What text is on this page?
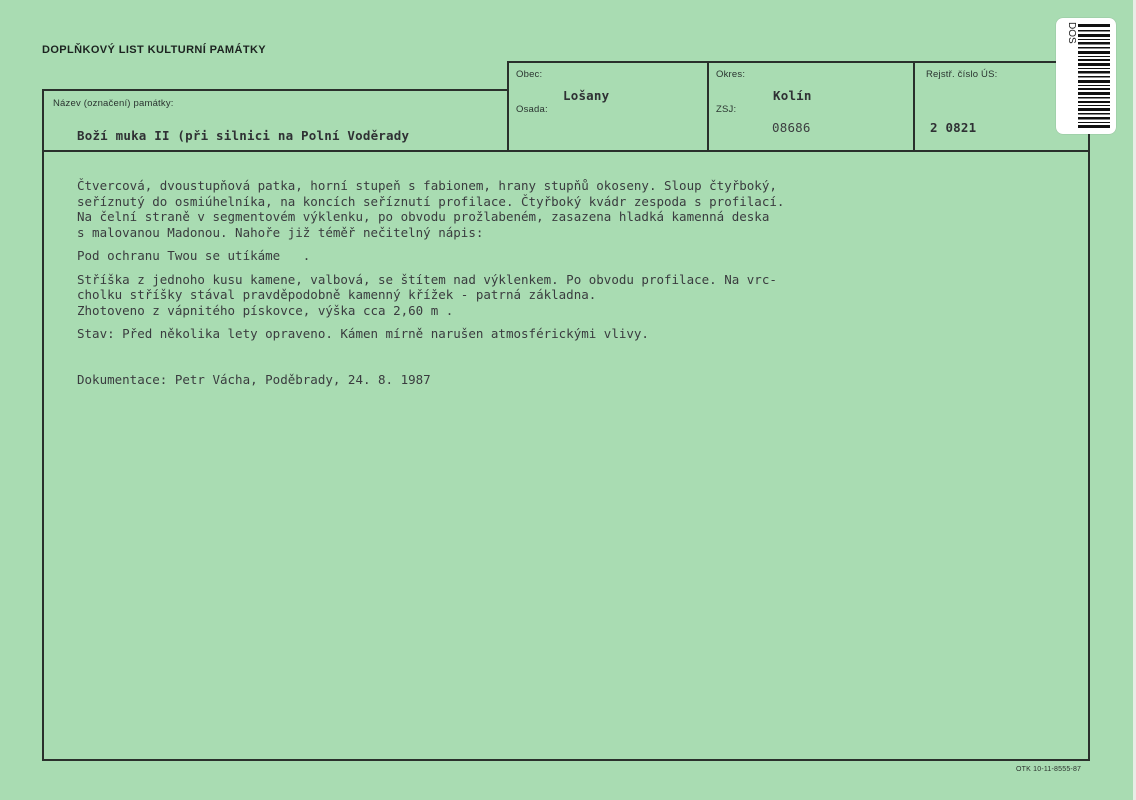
DOPLŇKOVÝ LIST KULTURNÍ PAMÁTKY
Obec:
Osada:
Okres:
ZSJ:
Rejstř. číslo ÚS:
Název (označení) památky:
Lošany	Kolín
08686	2 0821
Boží muka II (při silnici na Polní Voděrady

Čtvercová, dvoustupňová patka, horní stupeň s fabionem, hrany stupňů okoseny. Sloup čtyřboký,

seříznutý do osmiúhelníka, na koncích seříznutí profilace. Čtyřboký kvádr zespoda s profilací.

Na čelní straně v segmentovém výklenku, po obvodu prožlabeném, zasazena hladká kamenná deska

s malovanou Madonou. Nahoře již téměř nečitelný nápis:

Pod ochranu Twou se utíkáme   .

Stříška z jednoho kusu kamene, valbová, se štítem nad výklenkem. Po obvodu profilace. Na vrc-

cholku stříšky stával pravděpodobně kamenný křížek - patrná základna.

Zhotoveno z vápnitého pískovce, výška cca 2,60 m .

Stav: Před několika lety opraveno. Kámen mírně narušen atmosférickými vlivy.

Dokumentace: Petr Vácha, Poděbrady, 24. 8. 1987

DOS
OTK 10-11-8555-87
